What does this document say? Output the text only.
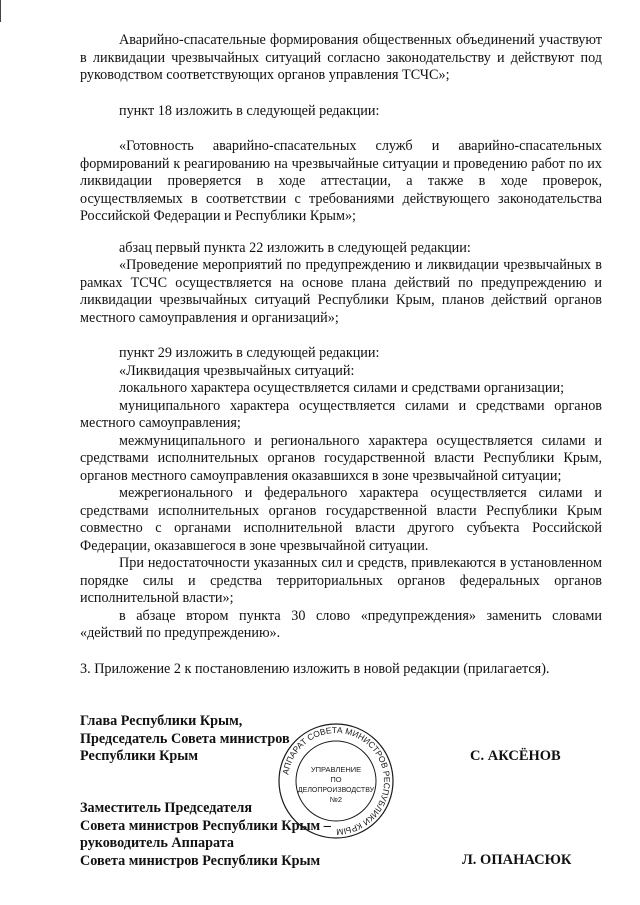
Аварийно-спасательные формирования общественных объединений участвуют в ликвидации чрезвычайных ситуаций согласно законодательству и действуют под руководством соответствующих органов управления ТСЧС»;

пункт 18 изложить в следующей редакции:

«Готовность аварийно-спасательных служб и аварийно-спасательных формирований к реагированию на чрезвычайные ситуации и проведению работ по их ликвидации проверяется в ходе аттестации, а также в ходе проверок, осуществляемых в соответствии с требованиями действующего законодательства Российской Федерации и Республики Крым»;

абзац первый пункта 22 изложить в следующей редакции:

«Проведение мероприятий по предупреждению и ликвидации чрезвычайных в рамках ТСЧС осуществляется на основе плана действий по предупреждению и ликвидации чрезвычайных ситуаций Республики Крым, планов действий органов местного самоуправления и организаций»;

пункт 29 изложить в следующей редакции:

«Ликвидация чрезвычайных ситуаций:

локального характера осуществляется силами и средствами организации;

муниципального характера осуществляется силами и средствами органов местного самоуправления;

межмуниципального и регионального характера осуществляется силами и средствами исполнительных органов государственной власти Республики Крым, органов местного самоуправления оказавшихся в зоне чрезвычайной ситуации;

межрегионального и федерального характера осуществляется силами и средствами исполнительных органов государственной власти Республики Крым совместно с органами исполнительной власти другого субъекта Российской Федерации, оказавшегося в зоне чрезвычайной ситуации.

При недостаточности указанных сил и средств, привлекаются в установленном порядке силы и средства территориальных органов федеральных органов исполнительной власти»;

в абзаце втором пункта 30 слово «предупреждения» заменить словами «действий по предупреждению».

3. Приложение 2 к постановлению изложить в новой редакции (прилагается).

Глава Республики Крым,
Председатель Совета министров
Республики Крым	С. АКСЁНОВ
Заместитель Председателя
Совета министров Республики Крым –
руководитель Аппарата
Совета министров Республики Крым	Л. ОПАНАСЮК
АППАРАТ СОВЕТА МИНИСТРОВ РЕСПУБЛИКИ КРЫМ
УПРАВЛЕНИЕ
ПО
ДЕЛОПРОИЗВОДСТВУ
№2
